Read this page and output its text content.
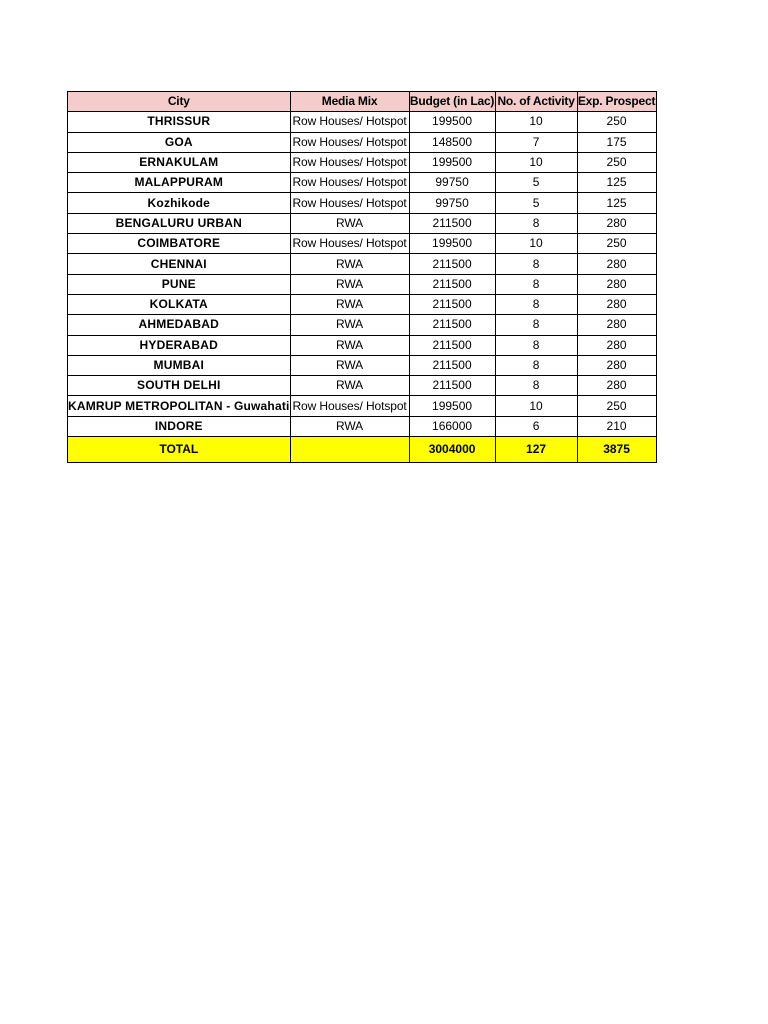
City	Media Mix	Budget (in Lac)	No. of Activity	Exp. Prospect
THRISSUR	Row Houses/ Hotspot	199500	10	250
GOA	Row Houses/ Hotspot	148500	7	175
ERNAKULAM	Row Houses/ Hotspot	199500	10	250
MALAPPURAM	Row Houses/ Hotspot	99750	5	125
Kozhikode	Row Houses/ Hotspot	99750	5	125
BENGALURU URBAN	RWA	211500	8	280
COIMBATORE	Row Houses/ Hotspot	199500	10	250
CHENNAI	RWA	211500	8	280
PUNE	RWA	211500	8	280
KOLKATA	RWA	211500	8	280
AHMEDABAD	RWA	211500	8	280
HYDERABAD	RWA	211500	8	280
MUMBAI	RWA	211500	8	280
SOUTH DELHI	RWA	211500	8	280
KAMRUP METROPOLITAN - Guwahati	Row Houses/ Hotspot	199500	10	250
INDORE	RWA	166000	6	210
TOTAL		3004000	127	3875
